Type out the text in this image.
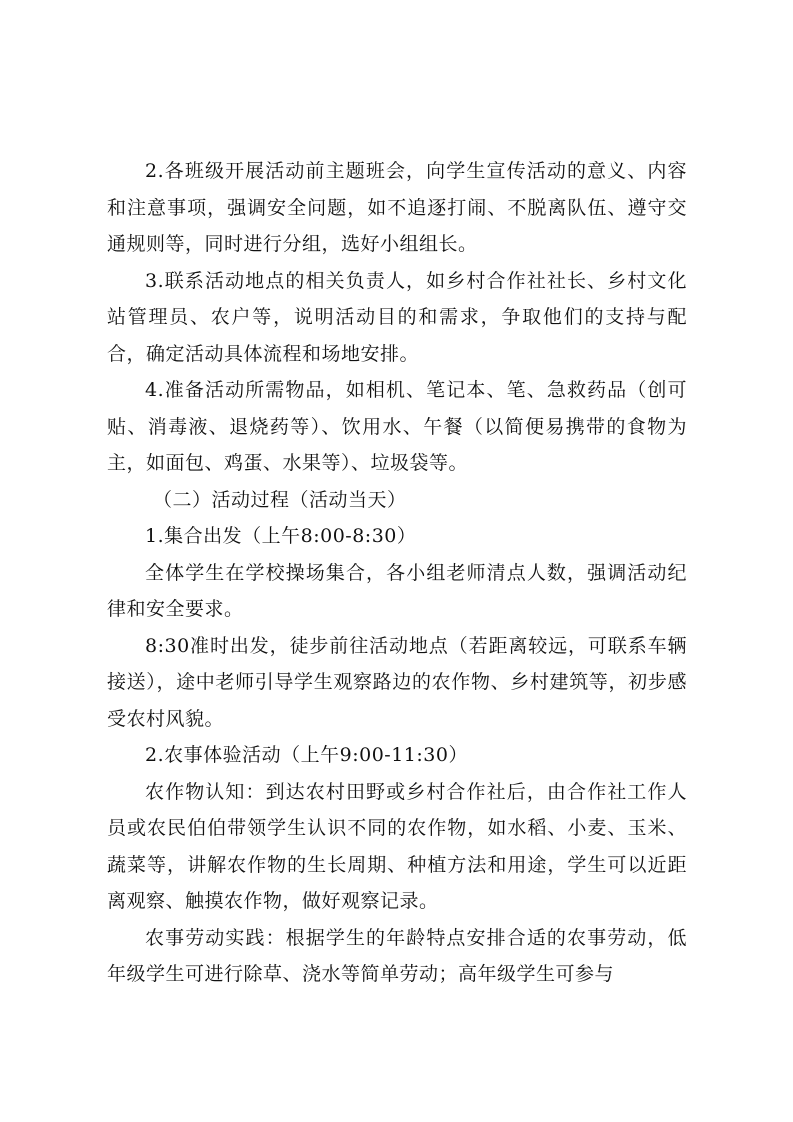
2.各班级开展活动前主题班会，向学生宣传活动的意义、内容和注意事项，强调安全问题，如不追逐打闹、不脱离队伍、遵守交通规则等，同时进行分组，选好小组组长。

3.联系活动地点的相关负责人，如乡村合作社社长、乡村文化站管理员、农户等，说明活动目的和需求，争取他们的支持与配合，确定活动具体流程和场地安排。

4.准备活动所需物品，如相机、笔记本、笔、急救药品（创可贴、消毒液、退烧药等）、饮用水、午餐（以简便易携带的食物为主，如面包、鸡蛋、水果等）、垃圾袋等。

（二）活动过程（活动当天）

1.集合出发（上午8:00-8:30）

全体学生在学校操场集合，各小组老师清点人数，强调活动纪律和安全要求。

8:30准时出发，徒步前往活动地点（若距离较远，可联系车辆接送），途中老师引导学生观察路边的农作物、乡村建筑等，初步感受农村风貌。

2.农事体验活动（上午9:00-11:30）

农作物认知：到达农村田野或乡村合作社后，由合作社工作人员或农民伯伯带领学生认识不同的农作物，如水稻、小麦、玉米、蔬菜等，讲解农作物的生长周期、种植方法和用途，学生可以近距离观察、触摸农作物，做好观察记录。

农事劳动实践：根据学生的年龄特点安排合适的农事劳动，低年级学生可进行除草、浇水等简单劳动；高年级学生可参与
